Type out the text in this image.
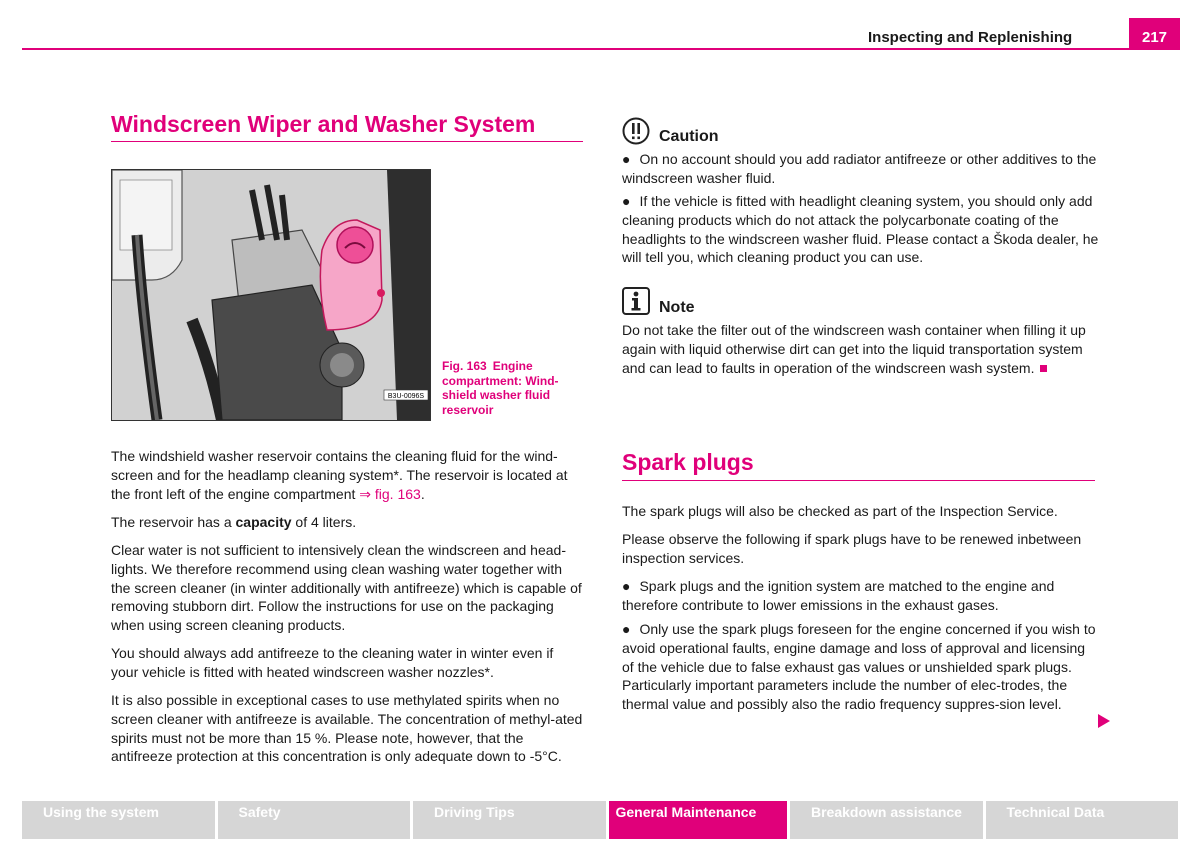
Inspecting and Replenishing	217
Windscreen Wiper and Washer System
B3U-0096S
Fig. 163 Engine compartment: Wind-shield washer fluid reservoir

The windshield washer reservoir contains the cleaning fluid for the wind-screen and for the headlamp cleaning system*. The reservoir is located at the front left of the engine compartment ⇒ fig. 163.

The reservoir has a capacity of 4 liters.

Clear water is not sufficient to intensively clean the windscreen and head-lights. We therefore recommend using clean washing water together with the screen cleaner (in winter additionally with antifreeze) which is capable of removing stubborn dirt. Follow the instructions for use on the packaging when using screen cleaning products.

You should always add antifreeze to the cleaning water in winter even if your vehicle is fitted with heated windscreen washer nozzles*.

It is also possible in exceptional cases to use methylated spirits when no screen cleaner with antifreeze is available. The concentration of methyl-ated spirits must not be more than 15 %. Please note, however, that the antifreeze protection at this concentration is only adequate down to -5°C.

Caution

● On no account should you add radiator antifreeze or other additives to the windscreen washer fluid.

● If the vehicle is fitted with headlight cleaning system, you should only add cleaning products which do not attack the polycarbonate coating of the headlights to the windscreen washer fluid. Please contact a Škoda dealer, he will tell you, which cleaning product you can use.

Note

Do not take the filter out of the windscreen wash container when filling it up again with liquid otherwise dirt can get into the liquid transportation system and can lead to faults in operation of the windscreen wash system.

Spark plugs

The spark plugs will also be checked as part of the Inspection Service.

Please observe the following if spark plugs have to be renewed inbetween inspection services.

● Spark plugs and the ignition system are matched to the engine and therefore contribute to lower emissions in the exhaust gases.

● Only use the spark plugs foreseen for the engine concerned if you wish to avoid operational faults, engine damage and loss of approval and licensing of the vehicle due to false exhaust gas values or unshielded spark plugs. Particularly important parameters include the number of elec-trodes, the thermal value and possibly also the radio frequency suppres-sion level.

Using the system	Safety	Driving Tips	General Maintenance	Breakdown assistance	Technical Data
